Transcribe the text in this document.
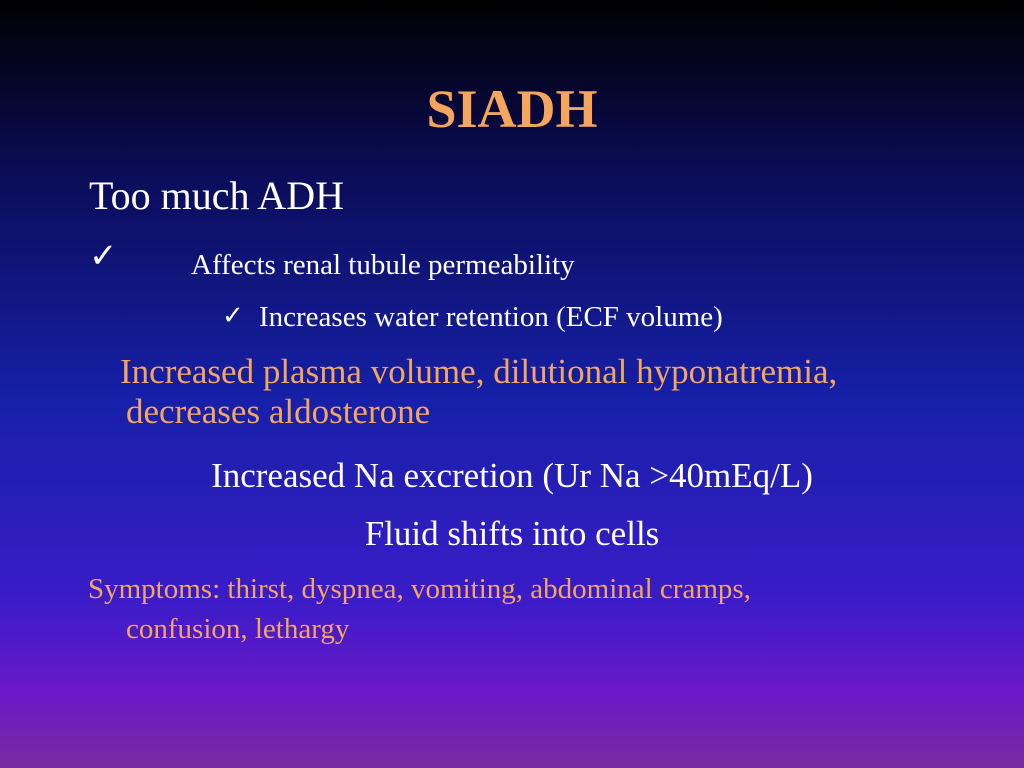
SIADH
Too much ADH
✓	Affects renal tubule permeability
✓ Increases water retention (ECF volume)
Increased plasma volume, dilutional hyponatremia,
decreases aldosterone
Increased Na excretion (Ur Na >40mEq/L)
Fluid shifts into cells
Symptoms: thirst, dyspnea, vomiting, abdominal cramps,
confusion, lethargy
